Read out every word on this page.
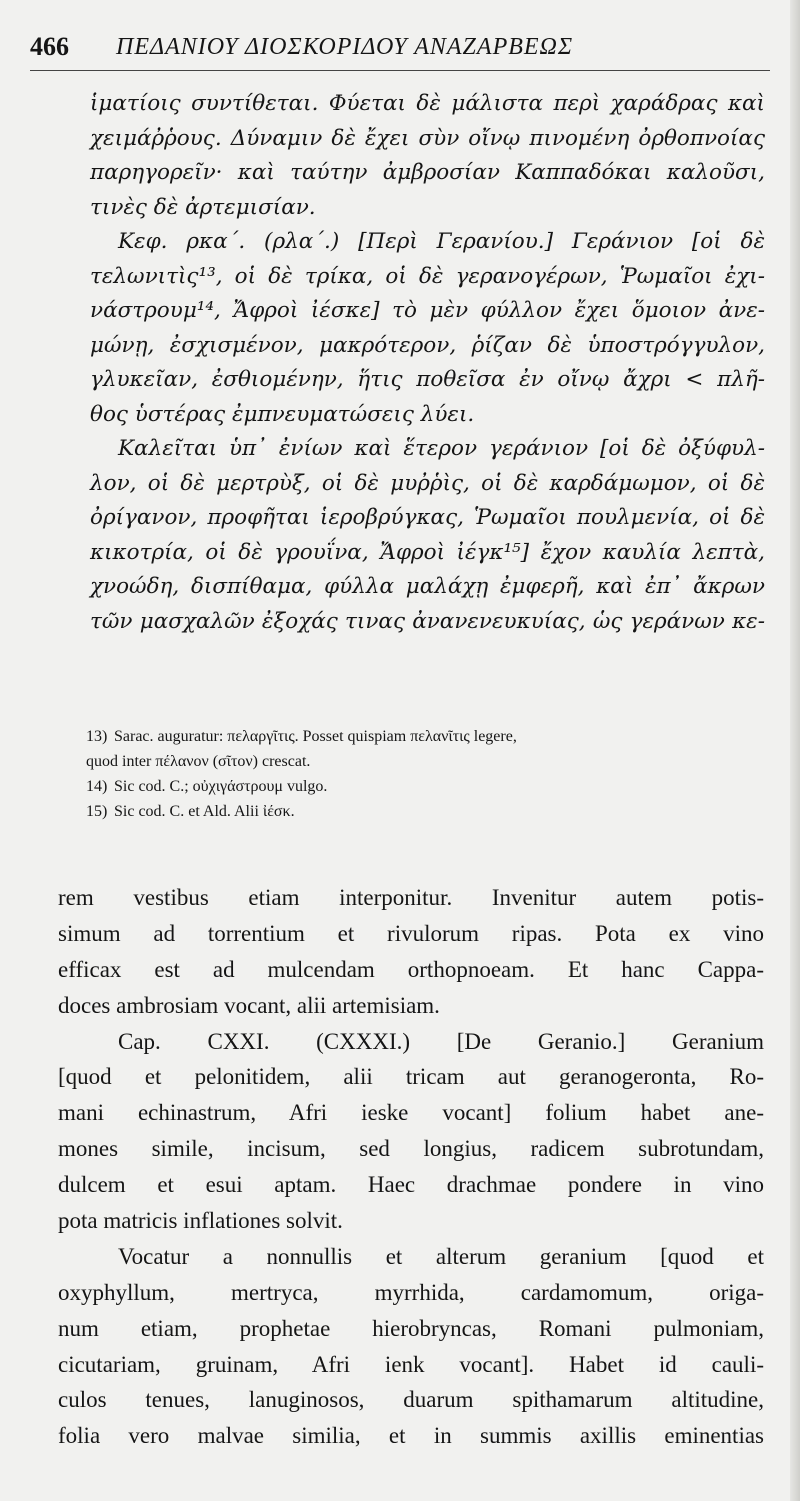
466 ΠΕΔΑΝΙΟΥ ΔΙΟΣΚΟΡΙΔΟΥ ΑΝΑΖΑΡΒΕΩΣ
ἱματίοις συντίθεται. Φύεται δὲ μάλιστα περὶ χαράδρας καὶ
χειμάῤῥους. Δύναμιν δὲ ἔχει σὺν οἴνῳ πινομένη ὀρθοπνοίας
παρηγορεῖν· καὶ ταύτην ἀμβροσίαν Καππαδόκαι καλοῦσι,
τινὲς δὲ ἀρτεμισίαν.
Κεφ. ρκα΄. (ρλα΄.) [Περὶ Γερανίου.] Γεράνιον [οἱ δὲ
τελωνιτὶς¹³, οἱ δὲ τρίκα, οἱ δὲ γερανογέρων, Ῥωμαῖοι ἐχι-
νάστρουμ¹⁴, Ἄφροὶ ἰέσκε] τὸ μὲν φύλλον ἔχει ὅμοιον ἀνε-
μώνῃ, ἐσχισμένον, μακρότερον, ῥίζαν δὲ ὑποστρόγγυλον,
γλυκεῖαν, ἐσθιομένην, ἥτις ποθεῖσα ἐν οἴνῳ ἄχρι < πλῆ-
θος ὑστέρας ἐμπνευματώσεις λύει.
Καλεῖται ὑπ᾽ ἐνίων καὶ ἕτερον γεράνιον [οἱ δὲ ὀξύφυλ-
λον, οἱ δὲ μερτρὺξ, οἱ δὲ μυῤῥὶς, οἱ δὲ καρδάμωμον, οἱ δὲ
ὀρίγανον, προφῆται ἱεροβρύγκας, Ῥωμαῖοι πουλμενία, οἱ δὲ
κικοτρία, οἱ δὲ γρουΐνα, Ἄφροὶ ἰέγκ¹⁵] ἔχον καυλία λεπτὰ,
χνοώδη, δισπίθαμα, φύλλα μαλάχῃ ἐμφερῆ, καὶ ἐπ᾽ ἄκρων
τῶν μασχαλῶν ἐξοχάς τινας ἀνανενευκυίας, ὡς γεράνων κε-
13) Sarac. auguratur: πελαργῖτις. Posset quispiam πελανῖτις legere,
quod inter πέλανον (σῖτον) crescat.
14) Sic cod. C.; οὐχιγάστρουμ vulgo.
15) Sic cod. C. et Ald. Alii ἰέσκ.
rem vestibus etiam interponitur. Invenitur autem potis-
simum ad torrentium et rivulorum ripas. Pota ex vino
efficax est ad mulcendam orthopnoeam. Et hanc Cappa-
doces ambrosiam vocant, alii artemisiam.
Cap. CXXI. (CXXXI.) [De Geranio.] Geranium
[quod et pelonitidem, alii tricam aut geranogeronta, Ro-
mani echinastrum, Afri ieske vocant] folium habet ane-
mones simile, incisum, sed longius, radicem subrotundam,
dulcem et esui aptam. Haec drachmae pondere in vino
pota matricis inflationes solvit.
Vocatur a nonnullis et alterum geranium [quod et
oxyphyllum, mertryca, myrrhida, cardamomum, origa-
num etiam, prophetae hierobryncas, Romani pulmoniam,
cicutariam, gruinam, Afri ienk vocant]. Habet id cauli-
culos tenues, lanuginosos, duarum spithamarum altitudine,
folia vero malvae similia, et in summis axillis eminentias
